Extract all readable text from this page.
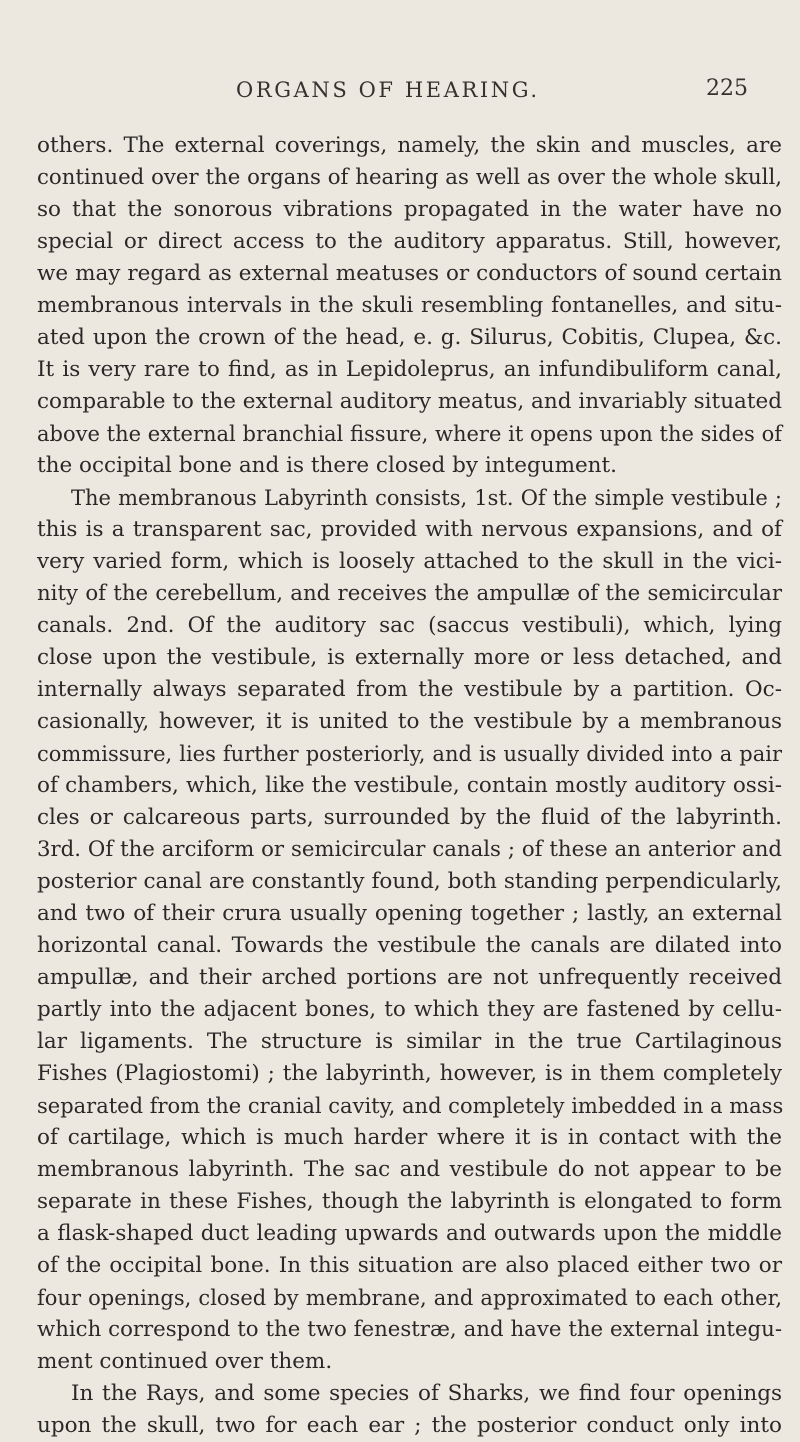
ORGANS OF HEARING.	225
others. The external coverings, namely, the skin and muscles, are
continued over the organs of hearing as well as over the whole skull,
so that the sonorous vibrations propagated in the water have no
special or direct access to the auditory apparatus. Still, however,
we may regard as external meatuses or conductors of sound certain
membranous intervals in the skuli resembling fontanelles, and situ-
ated upon the crown of the head, e. g. Silurus, Cobitis, Clupea, &c.
It is very rare to find, as in Lepidoleprus, an infundibuliform canal,
comparable to the external auditory meatus, and invariably situated
above the external branchial fissure, where it opens upon the sides of
the occipital bone and is there closed by integument.
The membranous Labyrinth consists, 1st. Of the simple vestibule ;
this is a transparent sac, provided with nervous expansions, and of
very varied form, which is loosely attached to the skull in the vici-
nity of the cerebellum, and receives the ampullæ of the semicircular
canals. 2nd. Of the auditory sac (saccus vestibuli), which, lying
close upon the vestibule, is externally more or less detached, and
internally always separated from the vestibule by a partition. Oc-
casionally, however, it is united to the vestibule by a membranous
commissure, lies further posteriorly, and is usually divided into a pair
of chambers, which, like the vestibule, contain mostly auditory ossi-
cles or calcareous parts, surrounded by the fluid of the labyrinth.
3rd. Of the arciform or semicircular canals ; of these an anterior and
posterior canal are constantly found, both standing perpendicularly,
and two of their crura usually opening together ; lastly, an external
horizontal canal. Towards the vestibule the canals are dilated into
ampullæ, and their arched portions are not unfrequently received
partly into the adjacent bones, to which they are fastened by cellu-
lar ligaments. The structure is similar in the true Cartilaginous
Fishes (Plagiostomi) ; the labyrinth, however, is in them completely
separated from the cranial cavity, and completely imbedded in a mass
of cartilage, which is much harder where it is in contact with the
membranous labyrinth. The sac and vestibule do not appear to be
separate in these Fishes, though the labyrinth is elongated to form
a flask-shaped duct leading upwards and outwards upon the middle
of the occipital bone. In this situation are also placed either two or
four openings, closed by membrane, and approximated to each other,
which correspond to the two fenestræ, and have the external integu-
ment continued over them.
In the Rays, and some species of Sharks, we find four openings
upon the skull, two for each ear ; the posterior conduct only into
